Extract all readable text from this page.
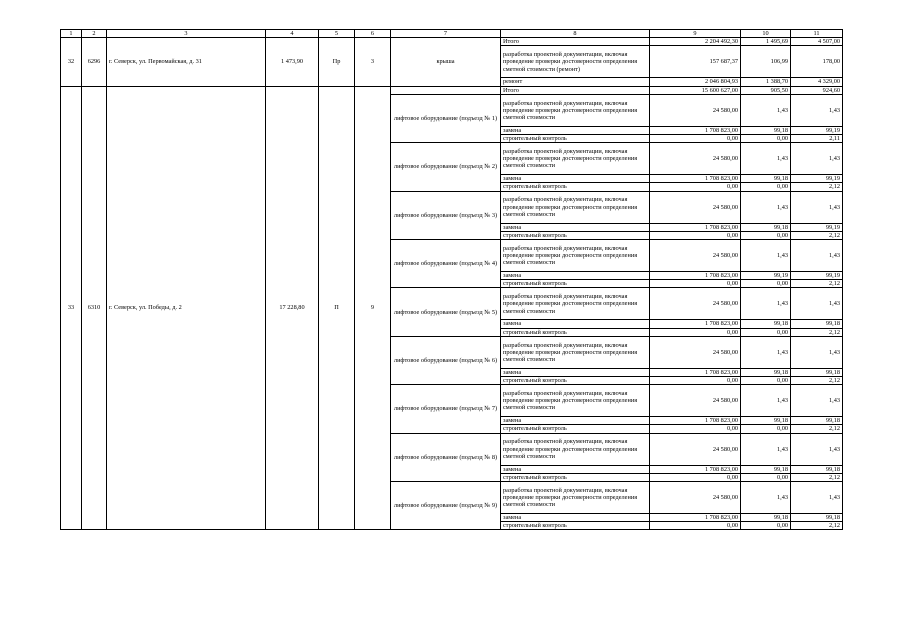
1	2	3	4	5	6	7	8	9	10	11
32	6296	г. Северск, ул. Первомайская, д. 31	1 473,90	Пр	3	крыша	Итого	2 204 492,30	1 495,69	4 507,00
							разработка проектной документации, включая проведение проверки достоверности определения сметной стоимости (ремонт)	157 687,37	106,99	178,00
							ремонт	2 046 804,93	1 388,70	4 329,00
33	6310	г. Северск, ул. Победы, д. 2	17 228,80	П	9		Итого	15 600 627,00	905,50	924,60
						лифтовое оборудование (подъезд № 1)	разработка проектной документации, включая проведение проверки достоверности определения сметной стоимости	24 580,00	1,43	1,43
							замена	1 708 823,00	99,18	99,19
							строительный контроль	0,00	0,00	2,11
						лифтовое оборудование (подъезд № 2)	разработка проектной документации, включая проведение проверки достоверности определения сметной стоимости	24 580,00	1,43	1,43
							замена	1 708 823,00	99,18	99,19
							строительный контроль	0,00	0,00	2,12
						лифтовое оборудование (подъезд № 3)	разработка проектной документации, включая проведение проверки достоверности определения сметной стоимости	24 580,00	1,43	1,43
							замена	1 708 823,00	99,18	99,19
							строительный контроль	0,00	0,00	2,12
						лифтовое оборудование (подъезд № 4)	разработка проектной документации, включая проведение проверки достоверности определения сметной стоимости	24 580,00	1,43	1,43
							замена	1 708 823,00	99,19	99,19
							строительный контроль	0,00	0,00	2,12
						лифтовое оборудование (подъезд № 5)	разработка проектной документации, включая проведение проверки достоверности определения сметной стоимости	24 580,00	1,43	1,43
							замена	1 708 823,00	99,18	99,18
							строительный контроль	0,00	0,00	2,12
						лифтовое оборудование (подъезд № 6)	разработка проектной документации, включая проведение проверки достоверности определения сметной стоимости	24 580,00	1,43	1,43
							замена	1 708 823,00	99,18	99,18
							строительный контроль	0,00	0,00	2,12
						лифтовое оборудование (подъезд № 7)	разработка проектной документации, включая проведение проверки достоверности определения сметной стоимости	24 580,00	1,43	1,43
							замена	1 708 823,00	99,18	99,18
							строительный контроль	0,00	0,00	2,12
						лифтовое оборудование (подъезд № 8)	разработка проектной документации, включая проведение проверки достоверности определения сметной стоимости	24 580,00	1,43	1,43
							замена	1 708 823,00	99,18	99,18
							строительный контроль	0,00	0,00	2,12
						лифтовое оборудование (подъезд № 9)	разработка проектной документации, включая проведение проверки достоверности определения сметной стоимости	24 580,00	1,43	1,43
							замена	1 708 823,00	99,18	99,18
							строительный контроль	0,00	0,00	2,12
